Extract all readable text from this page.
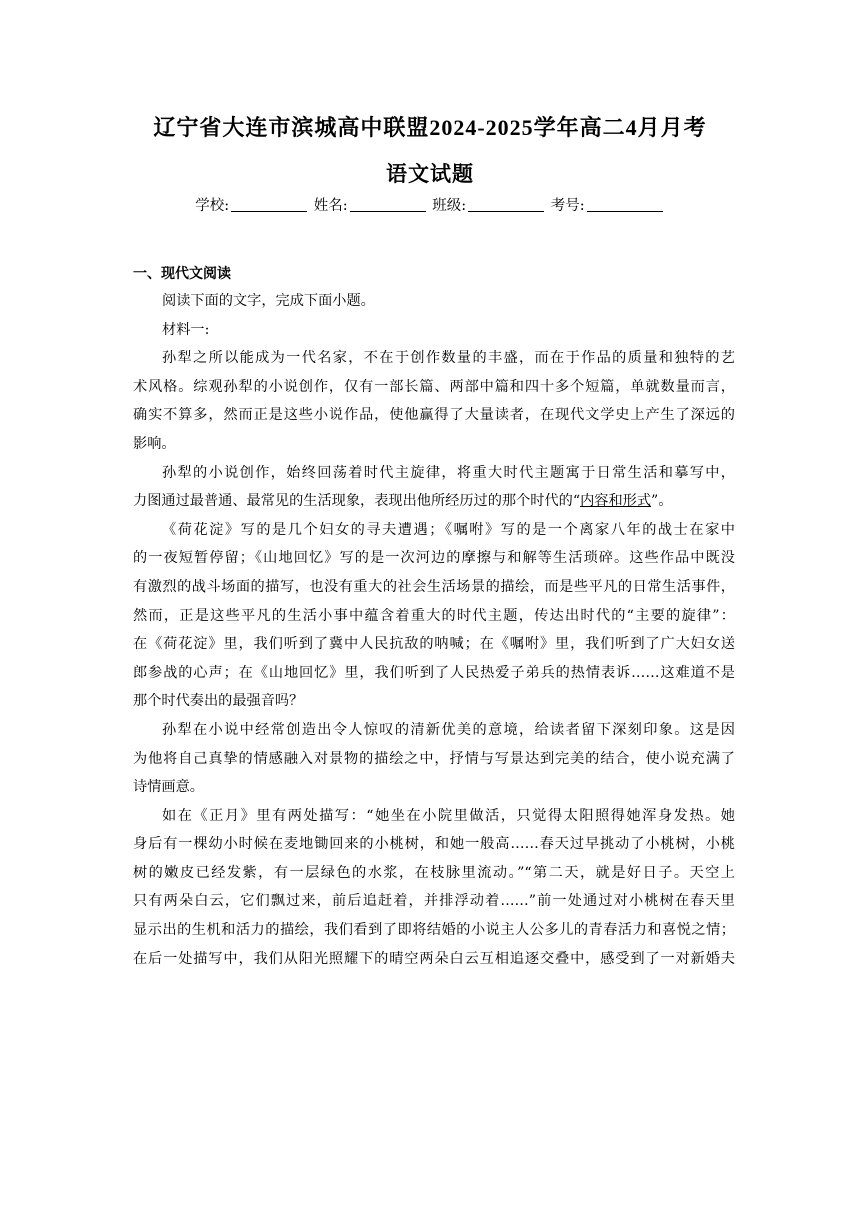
辽宁省大连市滨城高中联盟2024-2025学年高二4月月考
语文试题
学校:	姓名:	班级:	考号:
一、现代文阅读
阅读下面的文字，完成下面小题。
材料一:

孙犁之所以能成为一代名家，不在于创作数量的丰盛，而在于作品的质量和独特的艺
术风格。综观孙犁的小说创作，仅有一部长篇、两部中篇和四十多个短篇，单就数量而言，
确实不算多，然而正是这些小说作品，使他赢得了大量读者，在现代文学史上产生了深远的
影响。

孙犁的小说创作，始终回荡着时代主旋律，将重大时代主题寓于日常生活和摹写中，
力图通过最普通、最常见的生活现象，表现出他所经历过的那个时代的“内容和形式”。

《荷花淀》写的是几个妇女的寻夫遭遇；《嘱咐》写的是一个离家八年的战士在家中
的一夜短暂停留；《山地回忆》写的是一次河边的摩擦与和解等生活琐碎。这些作品中既没
有激烈的战斗场面的描写，也没有重大的社会生活场景的描绘，而是些平凡的日常生活事件，
然而，正是这些平凡的生活小事中蕴含着重大的时代主题，传达出时代的“主要的旋律”：
在《荷花淀》里，我们听到了冀中人民抗敌的呐喊；在《嘱咐》里，我们听到了广大妇女送
郎参战的心声；在《山地回忆》里，我们听到了人民热爱子弟兵的热情表诉……这难道不是
那个时代奏出的最强音吗？

孙犁在小说中经常创造出令人惊叹的清新优美的意境，给读者留下深刻印象。这是因
为他将自己真挚的情感融入对景物的描绘之中，抒情与写景达到完美的结合，使小说充满了
诗情画意。

如在《正月》里有两处描写：“她坐在小院里做活，只觉得太阳照得她浑身发热。她
身后有一棵幼小时候在麦地锄回来的小桃树，和她一般高……春天过早挑动了小桃树，小桃
树的嫩皮已经发紫，有一层绿色的水浆，在枝脉里流动。”“第二天，就是好日子。天空上
只有两朵白云，它们飘过来，前后追赶着，并排浮动着……”前一处通过对小桃树在春天里
显示出的生机和活力的描绘，我们看到了即将结婚的小说主人公多儿的青春活力和喜悦之情；
在后一处描写中，我们从阳光照耀下的晴空两朵白云互相追逐交叠中，感受到了一对新婚夫
